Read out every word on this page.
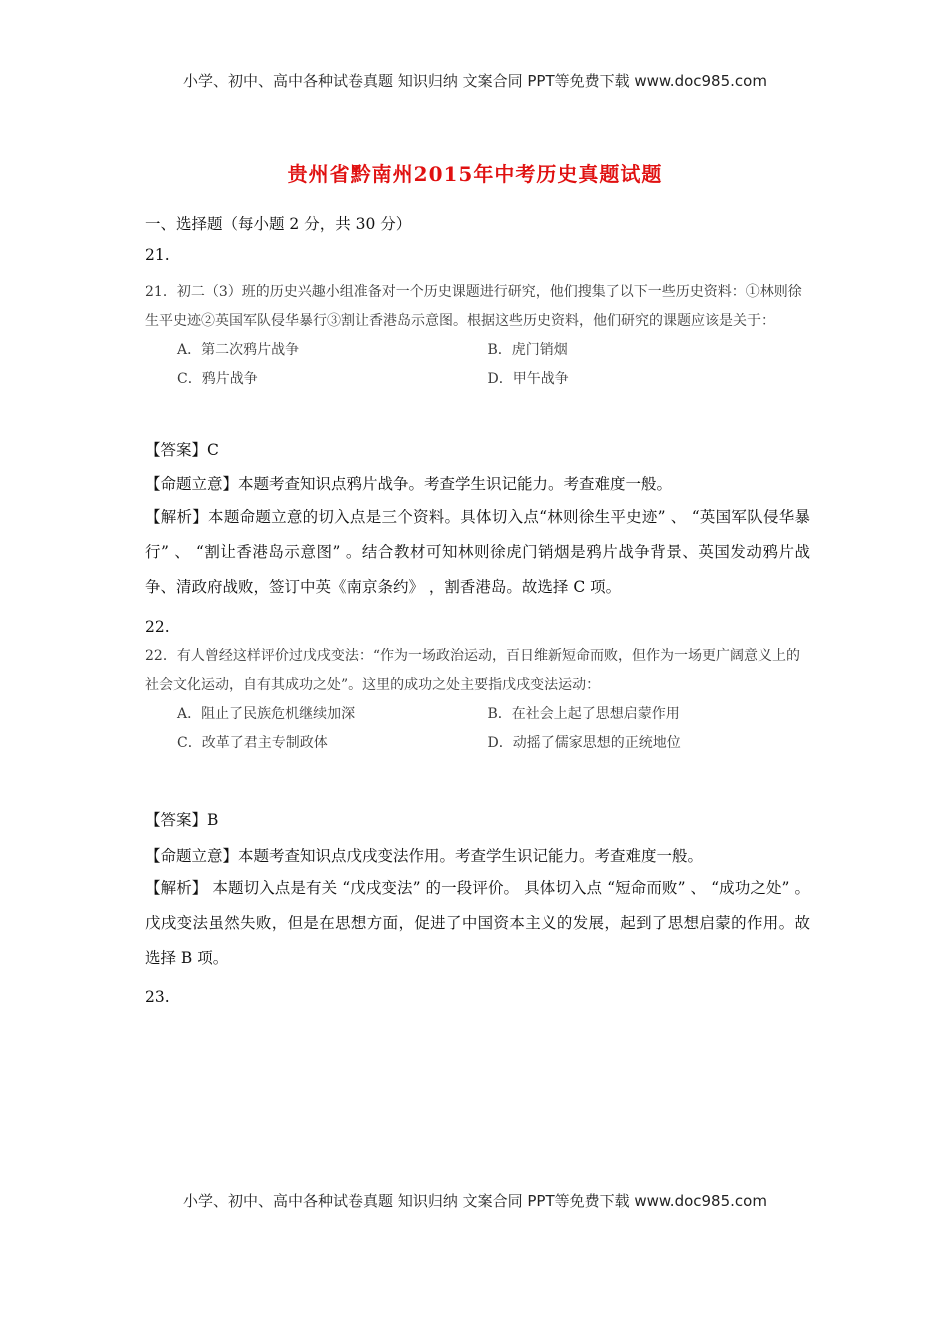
小学、初中、高中各种试卷真题 知识归纳 文案合同 PPT等免费下载 www.doc985.com
贵州省黔南州2015年中考历史真题试题
一、选择题（每小题 2 分，共 30 分）
21.

21．初二（3）班的历史兴趣小组准备对一个历史课题进行研究，他们搜集了以下一些历史资料：①林则徐生平史迹②英国军队侵华暴行③割让香港岛示意图。根据这些历史资料，他们研究的课题应该是关于：

A．第二次鸦片战争	B．虎门销烟
C．鸦片战争	D．甲午战争
【答案】C
【命题立意】本题考查知识点鸦片战争。考查学生识记能力。考查难度一般。
【解析】本题命题立意的切入点是三个资料。具体切入点“林则徐生平史迹” 、 “英国军队侵华暴行” 、 “割让香港岛示意图” 。结合教材可知林则徐虎门销烟是鸦片战争背景、英国发动鸦片战争、清政府战败，签订中英《南京条约》 ，割香港岛。故选择 C 项。
22.

22．有人曾经这样评价过戊戌变法：“作为一场政治运动，百日维新短命而败，但作为一场更广阔意义上的社会文化运动，自有其成功之处”。这里的成功之处主要指戊戌变法运动：

A．阻止了民族危机继续加深	B．在社会上起了思想启蒙作用
C．改革了君主专制政体	D．动摇了儒家思想的正统地位
【答案】B
【命题立意】本题考查知识点戊戌变法作用。考查学生识记能力。考查难度一般。
【解析】 本题切入点是有关 “戊戌变法” 的一段评价。 具体切入点 “短命而败” 、 “成功之处” 。戊戌变法虽然失败，但是在思想方面，促进了中国资本主义的发展，起到了思想启蒙的作用。故选择 B 项。
23.
小学、初中、高中各种试卷真题 知识归纳 文案合同 PPT等免费下载 www.doc985.com
